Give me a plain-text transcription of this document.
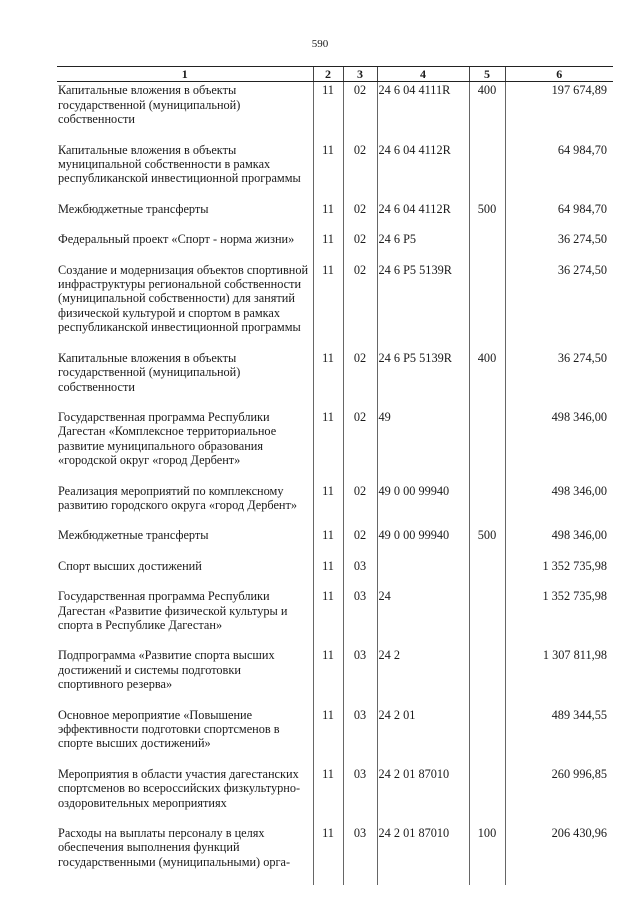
590
1	2	3	4	5	6
Капитальные вложения в объекты государственной (муниципальной) собственности	11	02	24 6 04 4111R	400	197 674,89
Капитальные вложения в объекты муниципальной собственности в рамках республиканской инвестиционной программы	11	02	24 6 04 4112R		64 984,70
Межбюджетные трансферты	11	02	24 6 04 4112R	500	64 984,70
Федеральный проект «Спорт - норма жизни»	11	02	24 6 P5		36 274,50
Создание и модернизация объектов спортивной инфраструктуры региональной собственности (муниципальной собственности) для занятий физической культурой и спортом в рамках республиканской инвестиционной программы	11	02	24 6 P5 5139R		36 274,50
Капитальные вложения в объекты государственной (муниципальной) собственности	11	02	24 6 P5 5139R	400	36 274,50
Государственная программа Республики Дагестан «Комплексное территориальное развитие муниципального образования «городской округ «город Дербент»	11	02	49		498 346,00
Реализация мероприятий по комплексному развитию городского округа «город Дербент»	11	02	49 0 00 99940		498 346,00
Межбюджетные трансферты	11	02	49 0 00 99940	500	498 346,00
Спорт высших достижений	11	03			1 352 735,98
Государственная программа Республики Дагестан «Развитие физической культуры и спорта в Республике Дагестан»	11	03	24		1 352 735,98
Подпрограмма «Развитие спорта высших достижений и системы подготовки спортивного резерва»	11	03	24 2		1 307 811,98
Основное мероприятие «Повышение эффективности подготовки спортсменов в спорте высших достижений»	11	03	24 2 01		489 344,55
Мероприятия в области участия дагестанских спортсменов во всероссийских физкультурно-оздоровительных мероприятиях	11	03	24 2 01 87010		260 996,85
Расходы на выплаты персоналу в целях обеспечения выполнения функций государственными (муниципальными) орга-	11	03	24 2 01 87010	100	206 430,96
